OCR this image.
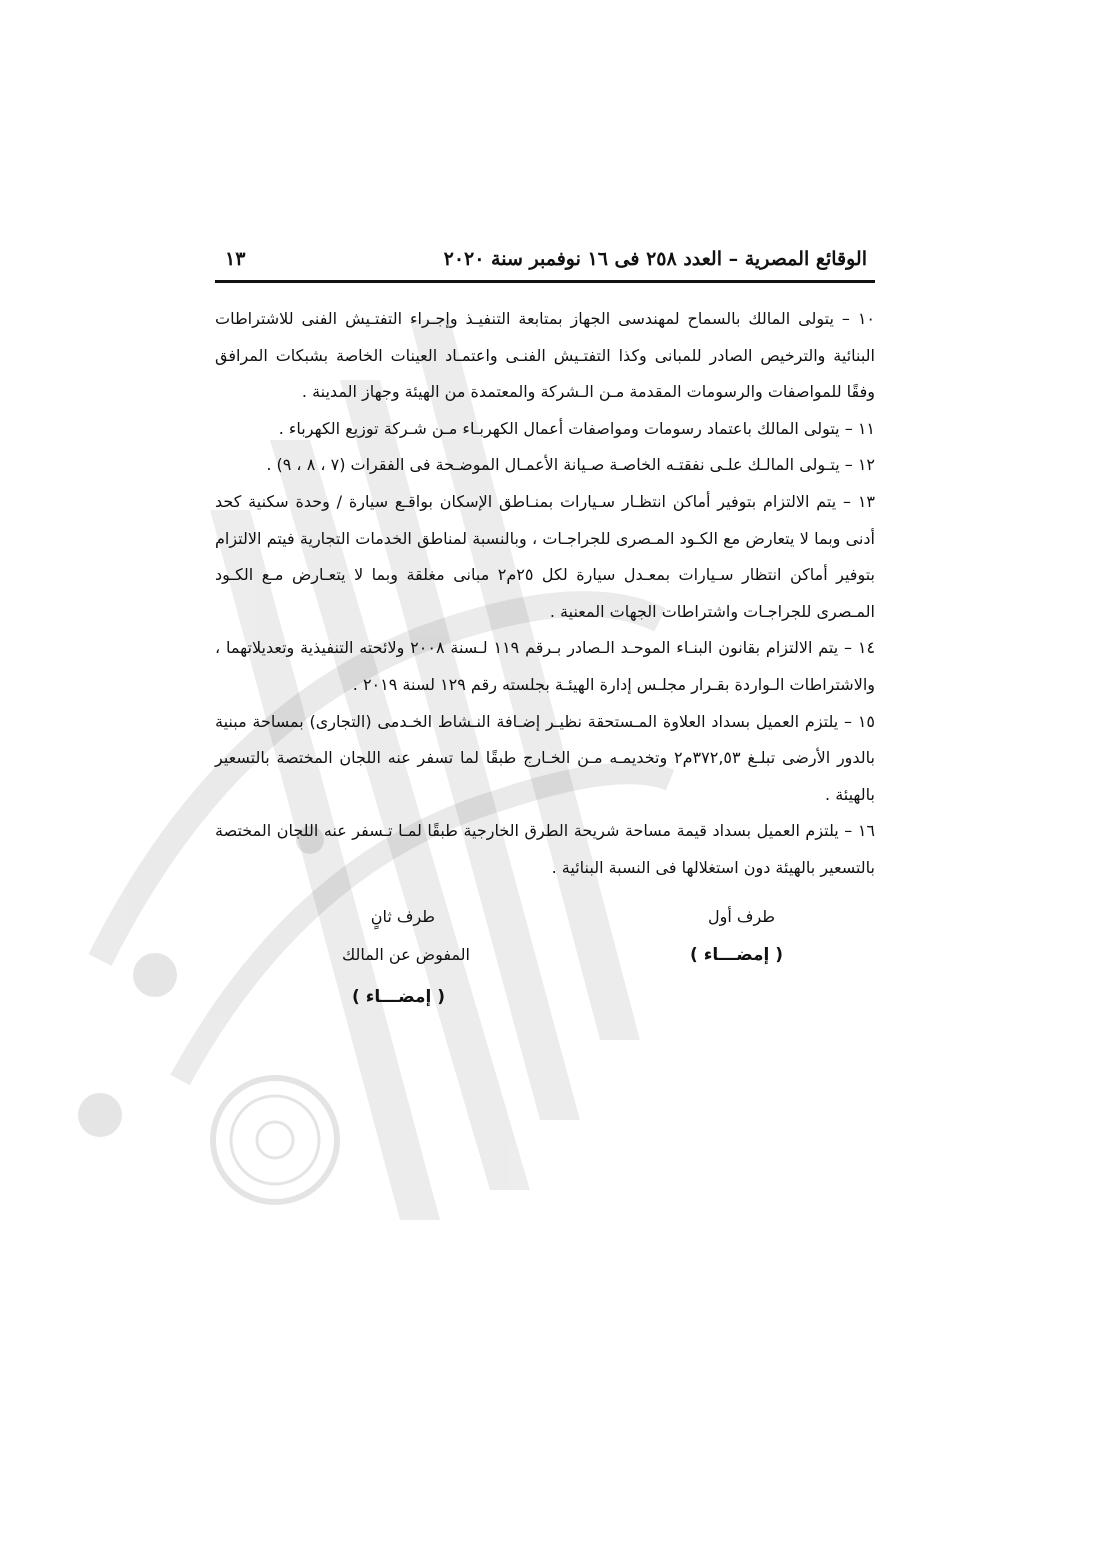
الوقائع المصرية – العدد ٢٥٨ فى ١٦ نوفمبر سنة ٢٠٢٠
١٣

١٠ – يتولى المالك بالسماح لمهندسى الجهاز بمتابعة التنفيـذ وإجـراء التفتـيش الفنى للاشتراطات البنائية والترخيص الصادر للمبانى وكذا التفتـيش الفنـى واعتمـاد العينات الخاصة بشبكات المرافق وفقًا للمواصفات والرسومات المقدمة مـن الـشركة والمعتمدة من الهيئة وجهاز المدينة .

١١ – يتولى المالك باعتماد رسومات ومواصفات أعمال الكهربـاء مـن شـركة توزيع الكهرباء .

١٢ – يتـولى المالـك علـى نفقتـه الخاصـة صـيانة الأعمـال الموضـحة فى الفقرات (٧ ، ٨ ، ٩) .

١٣ – يتم الالتزام بتوفير أماكن انتظـار سـيارات بمنـاطق الإسكان بواقـع سيارة / وحدة سكنية كحد أدنى وبما لا يتعارض مع الكـود المـصرى للجراجـات ، وبالنسبة لمناطق الخدمات التجارية فيتم الالتزام بتوفير أماكن انتظار سـيارات بمعـدل سيارة لكل ٢٥م٢ مبانى مغلقة وبما لا يتعـارض مـع الكـود المـصرى للجراجـات واشتراطات الجهات المعنية .

١٤ – يتم الالتزام بقانون البنـاء الموحـد الـصادر بـرقم ١١٩ لـسنة ٢٠٠٨ ولائحته التنفيذية وتعديلاتهما ، والاشتراطات الـواردة بقـرار مجلـس إدارة الهيئـة بجلسته رقم ١٢٩ لسنة ٢٠١٩ .

١٥ – يلتزم العميل بسداد العلاوة المـستحقة نظيـر إضـافة النـشاط الخـدمى (التجارى) بمساحة مبنية بالدور الأرضى تبلـغ ٣٧٢,٥٣م٢ وتخديمـه مـن الخـارج طبقًا لما تسفر عنه اللجان المختصة بالتسعير بالهيئة .

١٦ – يلتزم العميل بسداد قيمة مساحة شريحة الطرق الخارجية طبقًا لمـا تـسفر عنه اللجان المختصة بالتسعير بالهيئة دون استغلالها فى النسبة البنائية .

طرف أول
( إمضـــاء )
طرف ثانٍ
المفوض عن المالك
( إمضـــاء )
